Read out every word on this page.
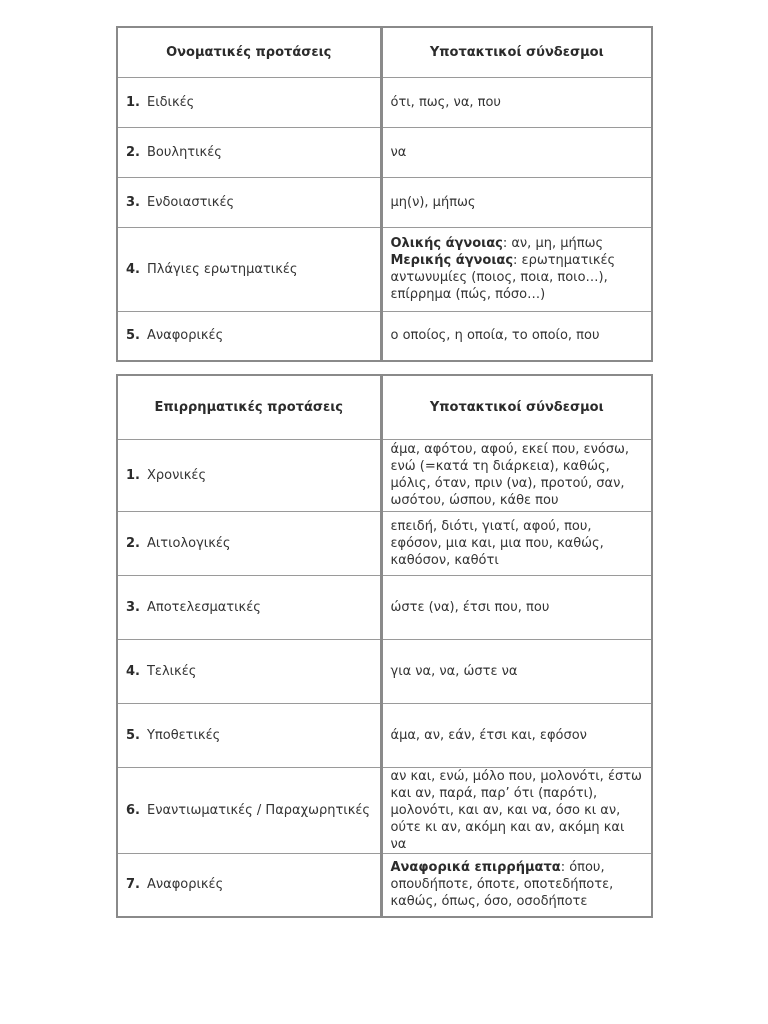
Ονοματικές προτάσεις	Υποτακτικοί σύνδεσμοι
1. Ειδικές	ότι, πως, να, που
2. Βουλητικές	να
3. Ενδοιαστικές	μη(ν), μήπως
4. Πλάγιες ερωτηματικές	Ολικής άγνοιας: αν, μη, μήπως
Μερικής άγνοιας: ερωτηματικές αντωνυμίες (ποιος, ποια, ποιο…), επίρρημα (πώς, πόσο…)
5. Αναφορικές	ο οποίος, η οποία, το οποίο, που
Επιρρηματικές προτάσεις	Υποτακτικοί σύνδεσμοι
1. Χρονικές	άμα, αφότου, αφού, εκεί που, ενόσω, ενώ (=κατά τη διάρκεια), καθώς, μόλις, όταν, πριν (να), προτού, σαν, ωσότου, ώσπου, κάθε που
2. Αιτιολογικές	επειδή, διότι, γιατί, αφού, που, εφόσον, μια και, μια που, καθώς, καθόσον, καθότι
3. Αποτελεσματικές	ώστε (να), έτσι που, που
4. Τελικές	για να, να, ώστε να
5. Υποθετικές	άμα, αν, εάν, έτσι και, εφόσον
6. Εναντιωματικές / Παραχωρητικές	αν και, ενώ, μόλο που, μολονότι, έστω και αν, παρά, παρ’ ότι (παρότι), μολονότι, και αν, και να, όσο κι αν, ούτε κι αν, ακόμη και αν, ακόμη και να
7. Αναφορικές	Αναφορικά επιρρήματα: όπου, οπουδήποτε, όποτε, οποτεδήποτε, καθώς, όπως, όσο, οσοδήποτε
